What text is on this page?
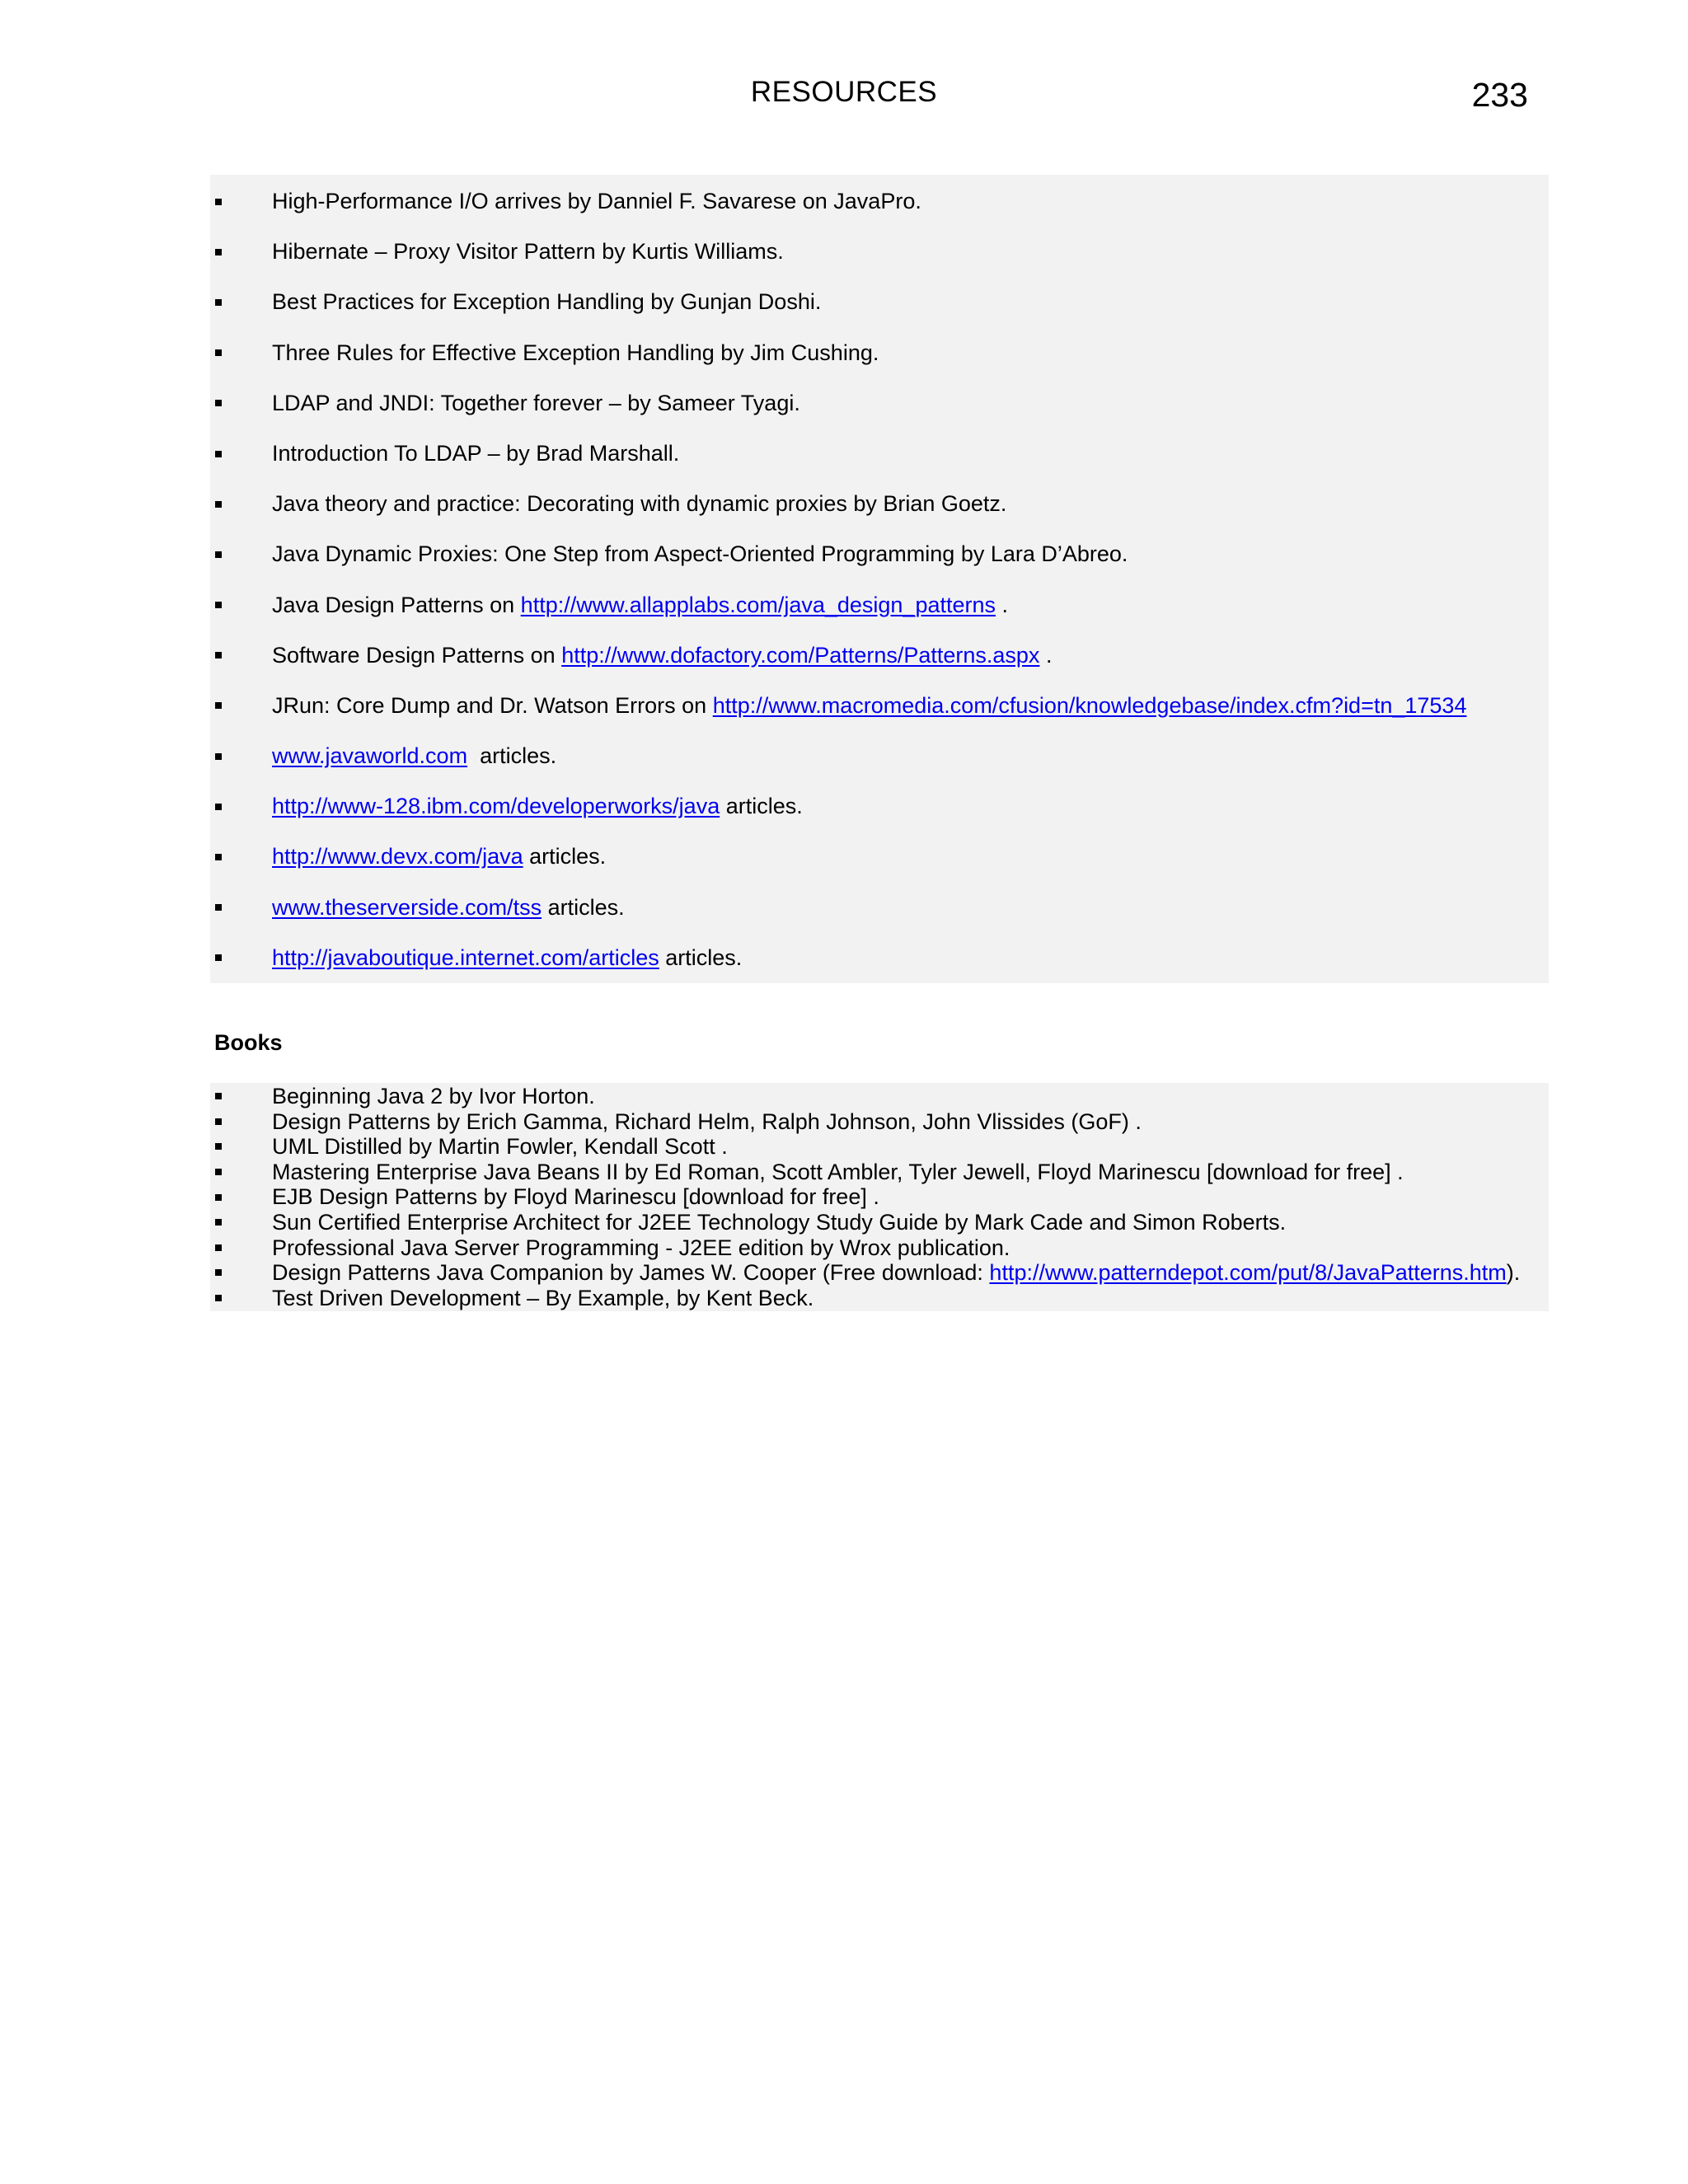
RESOURCES	233
High-Performance I/O arrives by Danniel F. Savarese on JavaPro.
Hibernate – Proxy Visitor Pattern by Kurtis Williams.
Best Practices for Exception Handling by Gunjan Doshi.
Three Rules for Effective Exception Handling by Jim Cushing.
LDAP and JNDI: Together forever – by Sameer Tyagi.
Introduction To LDAP – by Brad Marshall.
Java theory and practice: Decorating with dynamic proxies by Brian Goetz.
Java Dynamic Proxies: One Step from Aspect-Oriented Programming by Lara D’Abreo.
Java Design Patterns on http://www.allapplabs.com/java_design_patterns .
Software Design Patterns on http://www.dofactory.com/Patterns/Patterns.aspx .
JRun: Core Dump and Dr. Watson Errors on http://www.macromedia.com/cfusion/knowledgebase/index.cfm?id=tn_17534
www.javaworld.com  articles.
http://www-128.ibm.com/developerworks/java articles.
http://www.devx.com/java articles.
www.theserverside.com/tss articles.
http://javaboutique.internet.com/articles articles.
Books
Beginning Java 2 by Ivor Horton.
Design Patterns by Erich Gamma, Richard Helm, Ralph Johnson, John Vlissides (GoF) .
UML Distilled by Martin Fowler, Kendall Scott .
Mastering Enterprise Java Beans II by Ed Roman, Scott Ambler, Tyler Jewell, Floyd Marinescu [download for free] .
EJB Design Patterns by Floyd Marinescu [download for free] .
Sun Certified Enterprise Architect for J2EE Technology Study Guide by Mark Cade and Simon Roberts.
Professional Java Server Programming - J2EE edition by Wrox publication.
Design Patterns Java Companion by James W. Cooper (Free download: http://www.patterndepot.com/put/8/JavaPatterns.htm).
Test Driven Development – By Example, by Kent Beck.
